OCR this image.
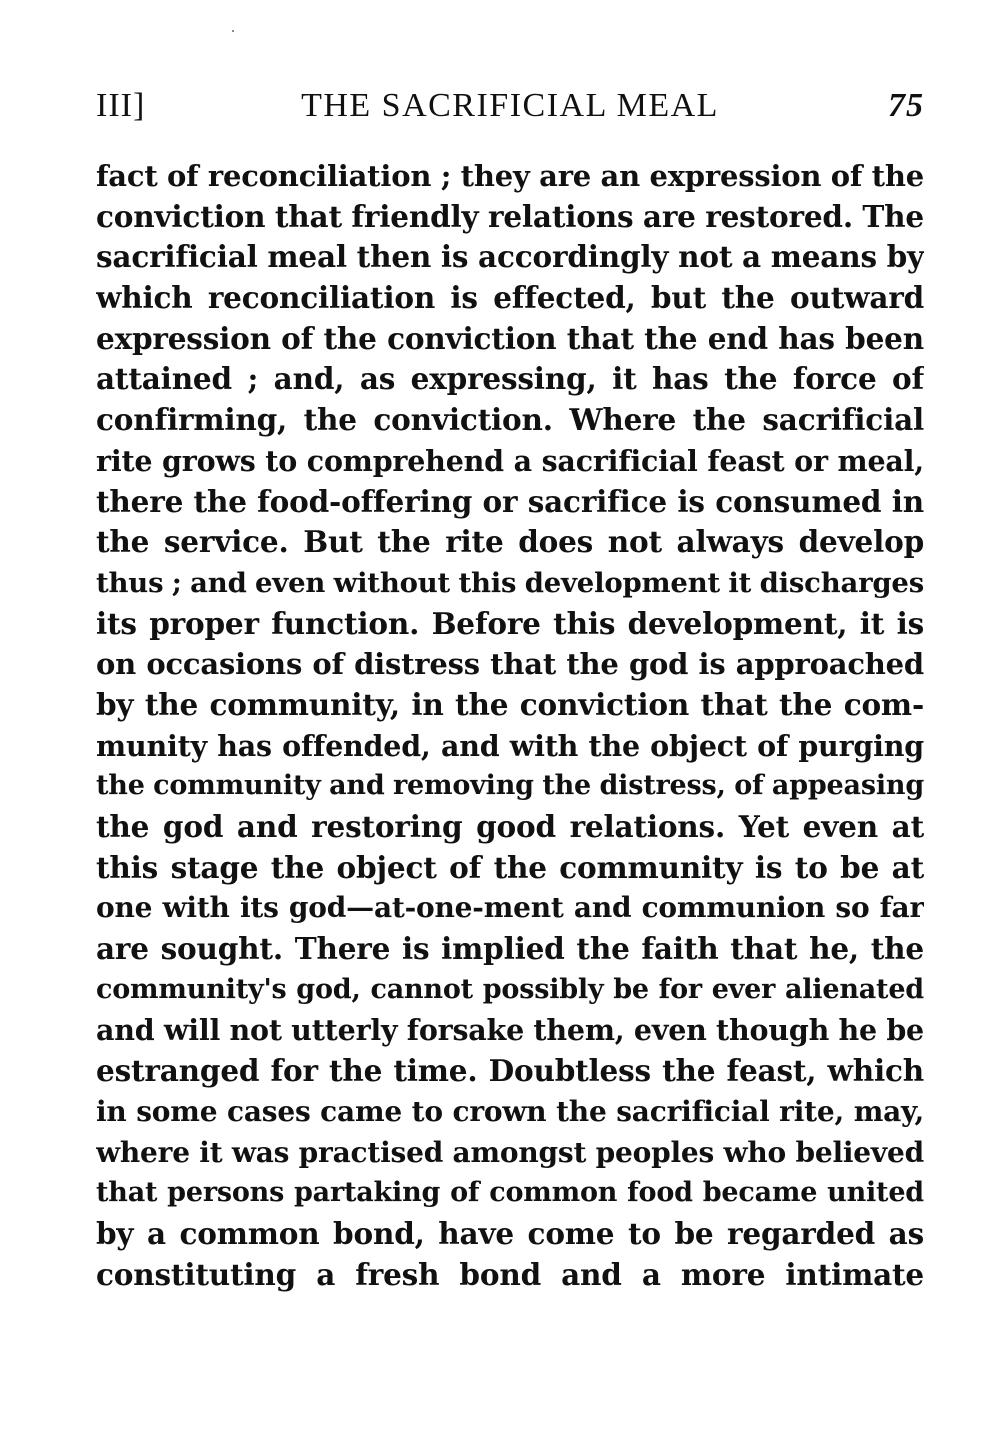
III]	THE SACRIFICIAL MEAL	75
fact of reconciliation ; they are an expression of the
conviction that friendly relations are restored. The
sacrificial meal then is accordingly not a means by
which reconciliation is effected, but the outward
expression of the conviction that the end has been
attained ; and, as expressing, it has the force of
confirming, the conviction. Where the sacrificial
rite grows to comprehend a sacrificial feast or meal,
there the food-offering or sacrifice is consumed in
the service. But the rite does not always develop
thus ; and even without this development it discharges
its proper function. Before this development, it is
on occasions of distress that the god is approached
by the community, in the conviction that the com-
munity has offended, and with the object of purging
the community and removing the distress, of appeasing
the god and restoring good relations. Yet even at
this stage the object of the community is to be at
one with its god—at-one-ment and communion so far
are sought. There is implied the faith that he, the
community's god, cannot possibly be for ever alienated
and will not utterly forsake them, even though he be
estranged for the time. Doubtless the feast, which
in some cases came to crown the sacrificial rite, may,
where it was practised amongst peoples who believed
that persons partaking of common food became united
by a common bond, have come to be regarded as
constituting a fresh bond and a more intimate
